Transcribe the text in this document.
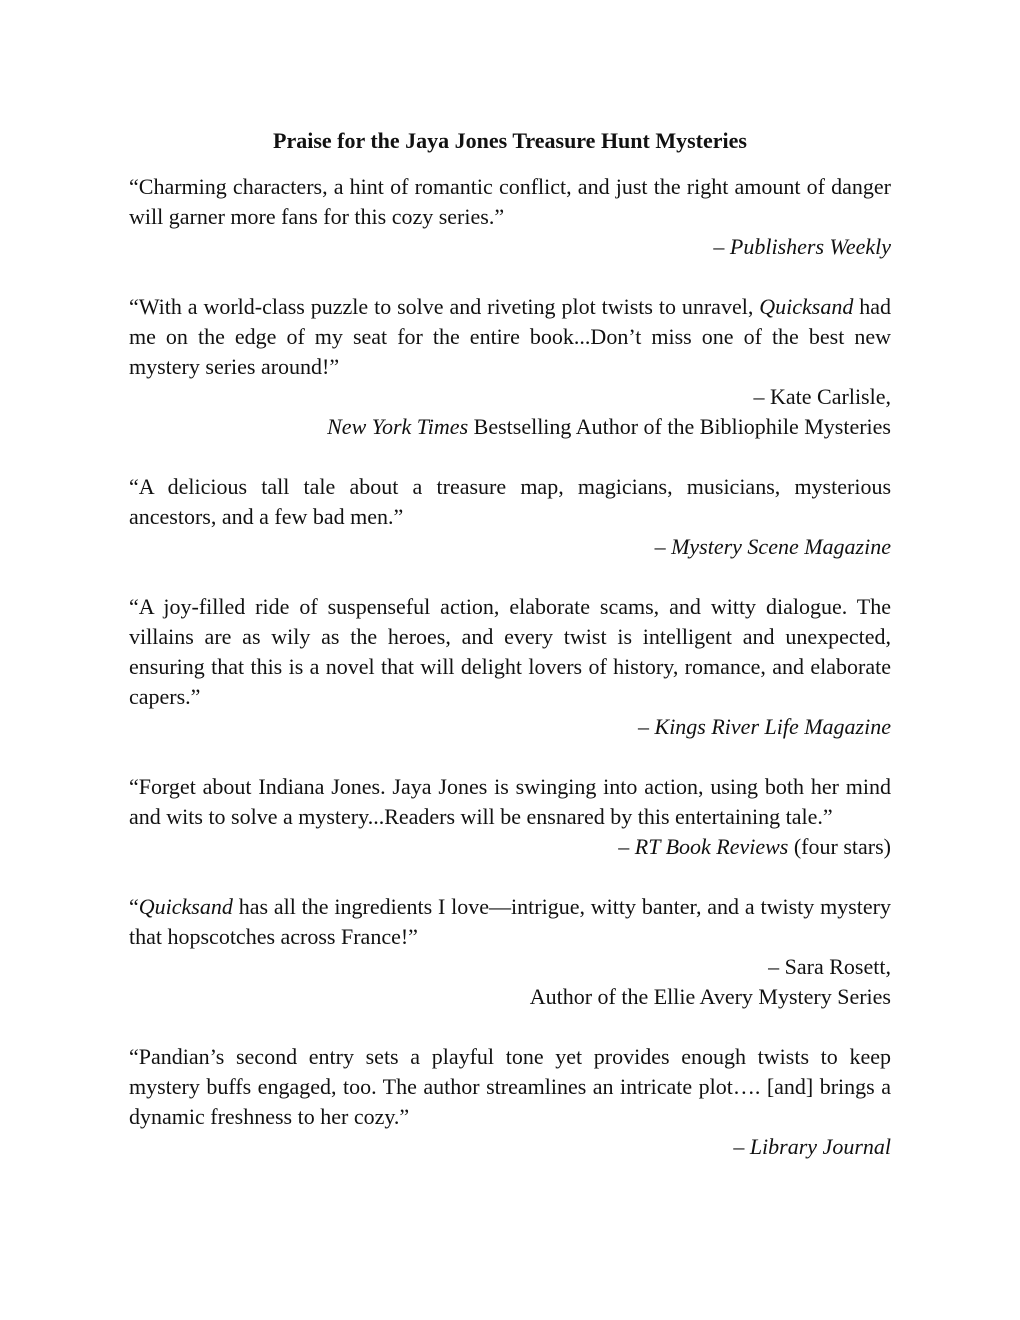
Praise for the Jaya Jones Treasure Hunt Mysteries

“Charming characters, a hint of romantic conflict, and just the right amount of danger will garner more fans for this cozy series.”

– Publishers Weekly

“With a world-class puzzle to solve and riveting plot twists to unravel, Quicksand had me on the edge of my seat for the entire book...Don’t miss one of the best new mystery series around!”

– Kate Carlisle,

New York Times Bestselling Author of the Bibliophile Mysteries

“A delicious tall tale about a treasure map, magicians, musicians, mysterious ancestors, and a few bad men.”

– Mystery Scene Magazine

“A joy-filled ride of suspenseful action, elaborate scams, and witty dialogue. The villains are as wily as the heroes, and every twist is intelligent and unexpected, ensuring that this is a novel that will delight lovers of history, romance, and elaborate capers.”

– Kings River Life Magazine

“Forget about Indiana Jones. Jaya Jones is swinging into action, using both her mind and wits to solve a mystery...Readers will be ensnared by this entertaining tale.”

– RT Book Reviews (four stars)

“Quicksand has all the ingredients I love—intrigue, witty banter, and a twisty mystery that hopscotches across France!”

– Sara Rosett,

Author of the Ellie Avery Mystery Series

“Pandian’s second entry sets a playful tone yet provides enough twists to keep mystery buffs engaged, too. The author streamlines an intricate plot…. [and] brings a dynamic freshness to her cozy.”

– Library Journal
